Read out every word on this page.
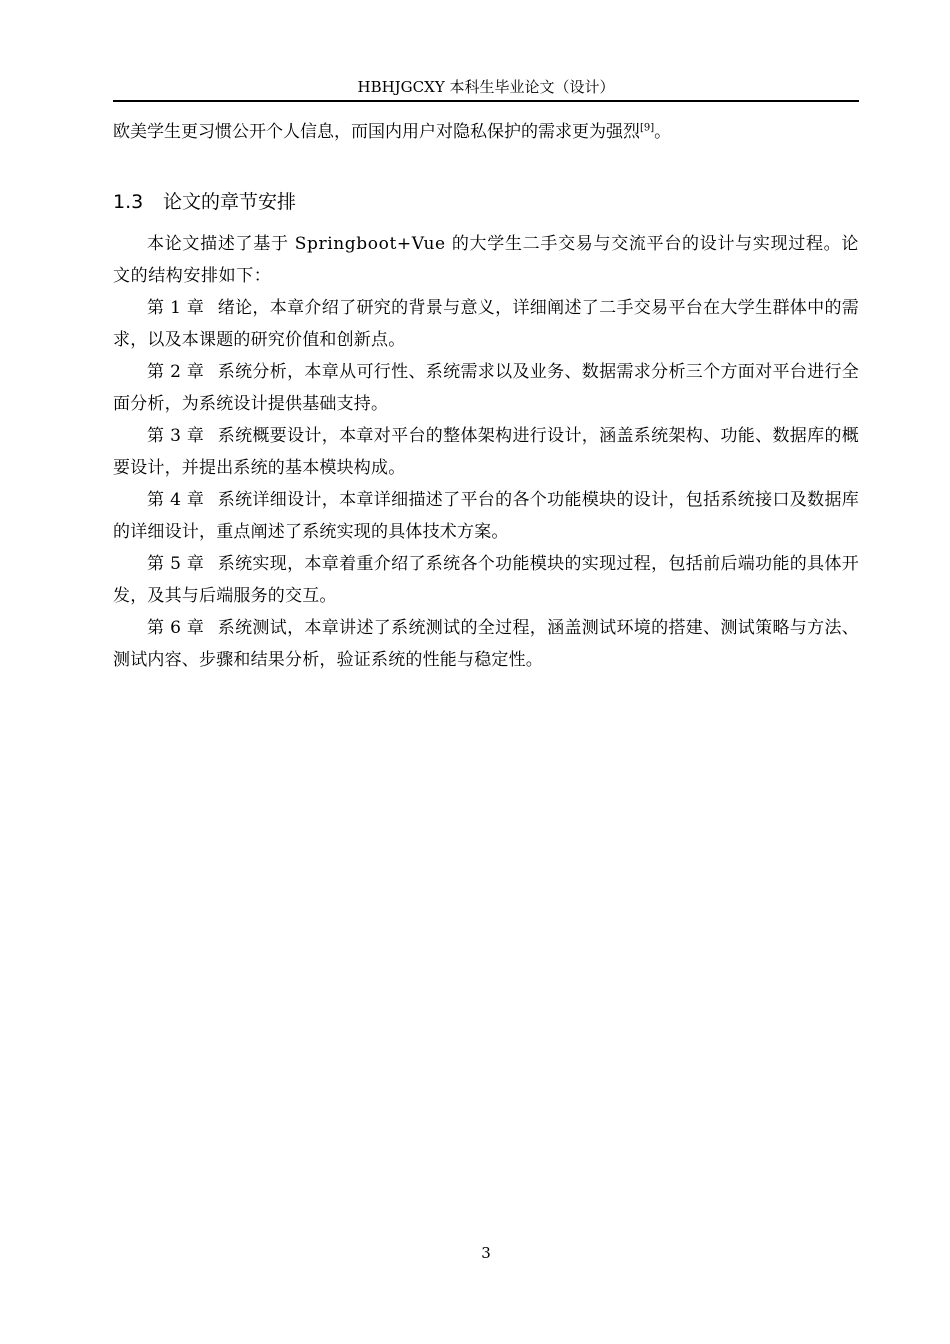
HBHJGCXY 本科生毕业论文（设计）
欧美学生更习惯公开个人信息，而国内用户对隐私保护的需求更为强烈[9]。
1.3 论文的章节安排

本论文描述了基于 Springboot+Vue 的大学生二手交易与交流平台的设计与实现过程。论文的结构安排如下：

第 1 章 绪论，本章介绍了研究的背景与意义，详细阐述了二手交易平台在大学生群体中的需求，以及本课题的研究价值和创新点。

第 2 章 系统分析，本章从可行性、系统需求以及业务、数据需求分析三个方面对平台进行全面分析，为系统设计提供基础支持。

第 3 章 系统概要设计，本章对平台的整体架构进行设计，涵盖系统架构、功能、数据库的概要设计，并提出系统的基本模块构成。

第 4 章 系统详细设计，本章详细描述了平台的各个功能模块的设计，包括系统接口及数据库的详细设计，重点阐述了系统实现的具体技术方案。

第 5 章 系统实现，本章着重介绍了系统各个功能模块的实现过程，包括前后端功能的具体开发，及其与后端服务的交互。

第 6 章 系统测试，本章讲述了系统测试的全过程，涵盖测试环境的搭建、测试策略与方法、测试内容、步骤和结果分析，验证系统的性能与稳定性。

3
